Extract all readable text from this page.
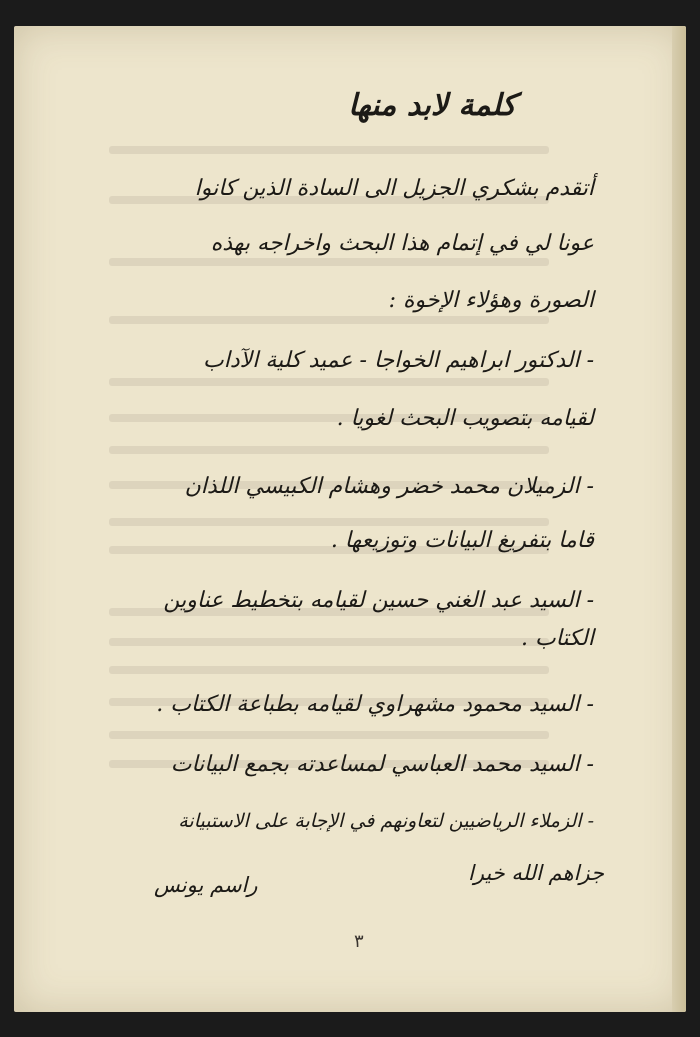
كلمة لابد منها
أتقدم بشكري الجزيل الى السادة الذين كانوا
عونا لي في إتمام هذا البحث واخراجه بهذه
الصورة وهؤلاء الإخوة :
- الدكتور ابراهيم الخواجا - عميد كلية الآداب
لقيامه بتصويب البحث لغويا .
- الزميلان محمد خضر وهشام الكبيسي اللذان
قاما بتفريغ البيانات وتوزيعها .
- السيد عبد الغني حسين لقيامه بتخطيط عناوين
الكتاب .
- السيد محمود مشهراوي لقيامه بطباعة الكتاب .
- السيد محمد العباسي لمساعدته بجمع البيانات
- الزملاء الرياضيين لتعاونهم في الإجابة على الاستبيانة
جزاهم الله خيرا
راسم يونس
٣
